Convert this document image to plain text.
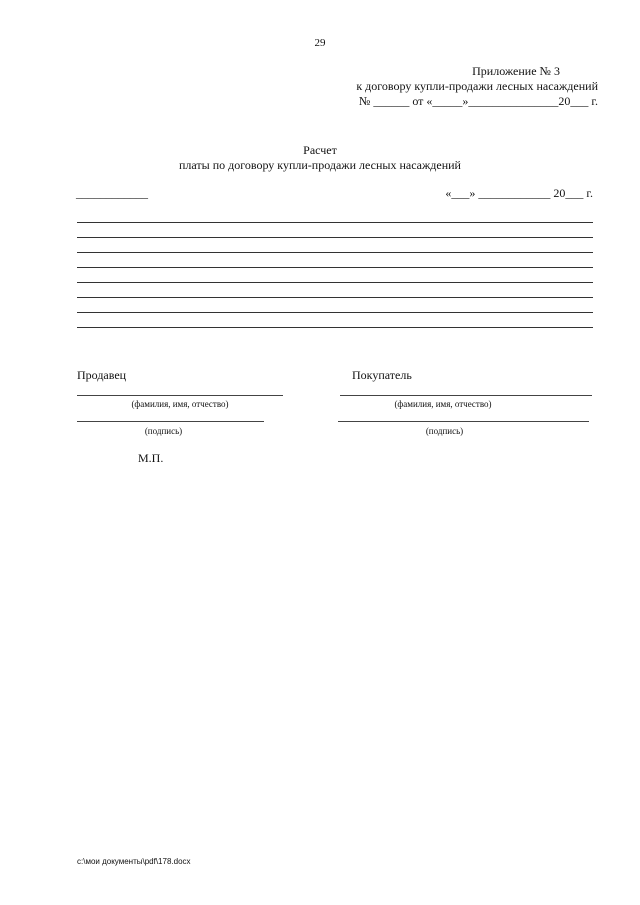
29
Приложение № 3
к договору купли-продажи лесных насаждений
№ ______ от «_____»_______________20___ г.
Расчет
платы по договору купли-продажи лесных насаждений
____________	«___» ____________ 20___ г.
Продавец
(фамилия, имя, отчество)
(подпись)
М.П.
Покупатель
(фамилия, имя, отчество)
(подпись)
c:\мои документы\pdf\178.docx
